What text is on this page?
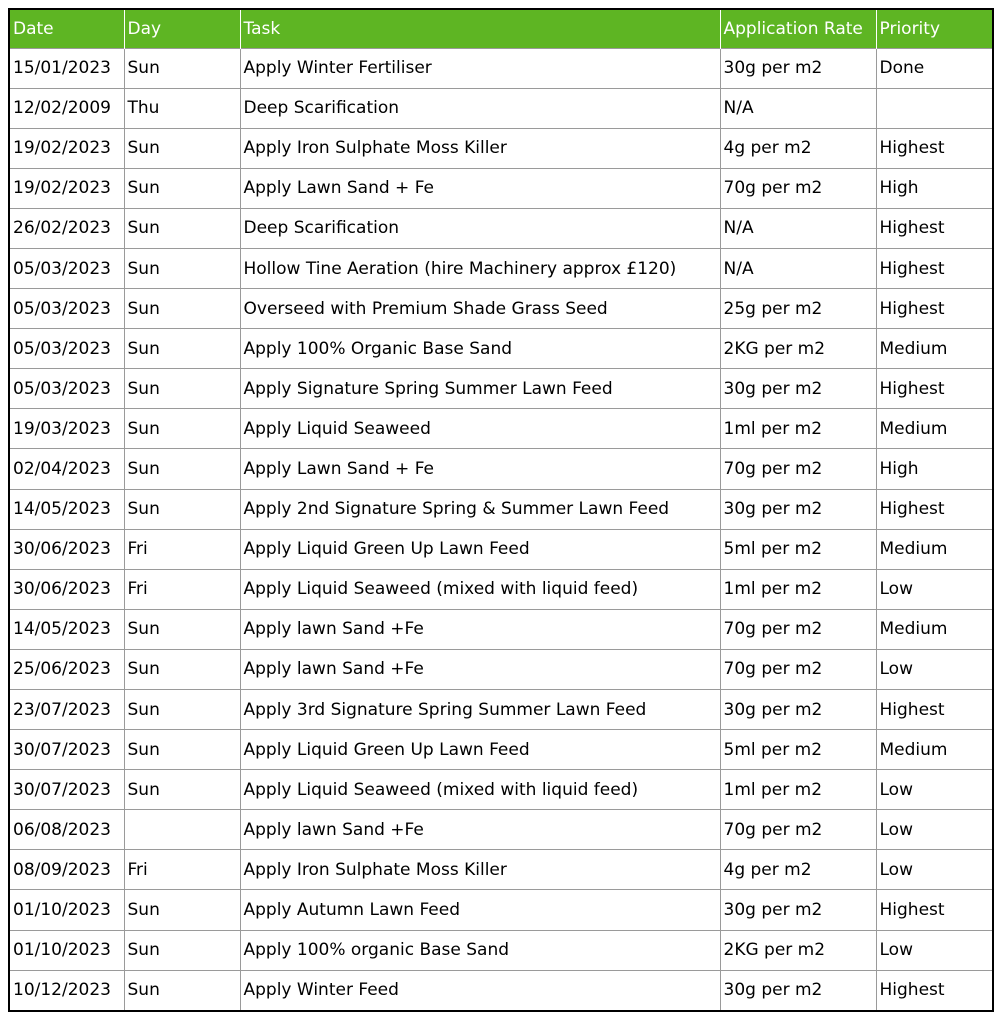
Date	Day	Task	Application Rate	Priority
15/01/2023	Sun	Apply Winter Fertiliser	30g per m2	Done
12/02/2009	Thu	Deep Scarification	N/A	
19/02/2023	Sun	Apply Iron Sulphate Moss Killer	4g per m2	Highest
19/02/2023	Sun	Apply Lawn Sand + Fe	70g per m2	High
26/02/2023	Sun	Deep Scarification	N/A	Highest
05/03/2023	Sun	Hollow Tine Aeration (hire Machinery approx £120)	N/A	Highest
05/03/2023	Sun	Overseed with Premium Shade Grass Seed	25g per m2	Highest
05/03/2023	Sun	Apply 100% Organic Base Sand	2KG per m2	Medium
05/03/2023	Sun	Apply Signature Spring Summer Lawn Feed	30g per m2	Highest
19/03/2023	Sun	Apply Liquid Seaweed	1ml per m2	Medium
02/04/2023	Sun	Apply Lawn Sand + Fe	70g per m2	High
14/05/2023	Sun	Apply 2nd Signature Spring & Summer Lawn Feed	30g per m2	Highest
30/06/2023	Fri	Apply Liquid Green Up Lawn Feed	5ml per m2	Medium
30/06/2023	Fri	Apply Liquid Seaweed (mixed with liquid feed)	1ml per m2	Low
14/05/2023	Sun	Apply lawn Sand +Fe	70g per m2	Medium
25/06/2023	Sun	Apply lawn Sand +Fe	70g per m2	Low
23/07/2023	Sun	Apply 3rd Signature Spring Summer Lawn Feed	30g per m2	Highest
30/07/2023	Sun	Apply Liquid Green Up Lawn Feed	5ml per m2	Medium
30/07/2023	Sun	Apply Liquid Seaweed (mixed with liquid feed)	1ml per m2	Low
06/08/2023		Apply lawn Sand +Fe	70g per m2	Low
08/09/2023	Fri	Apply Iron Sulphate Moss Killer	4g per m2	Low
01/10/2023	Sun	Apply Autumn Lawn Feed	30g per m2	Highest
01/10/2023	Sun	Apply 100% organic Base Sand	2KG per m2	Low
10/12/2023	Sun	Apply Winter Feed	30g per m2	Highest
